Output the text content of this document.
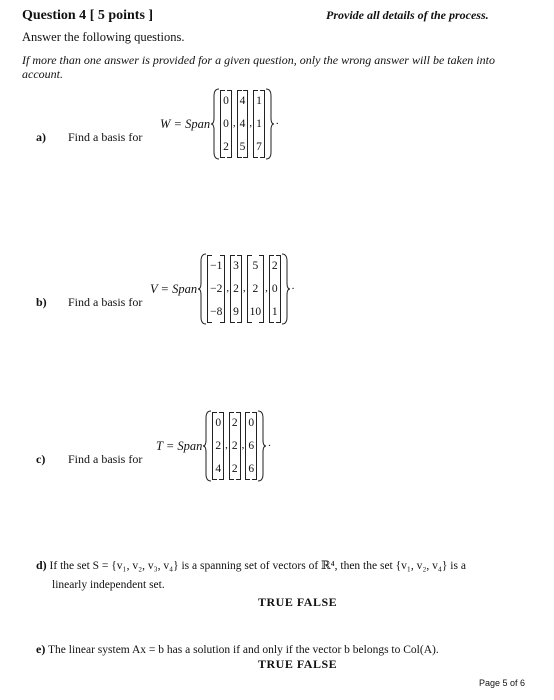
Question 4 [ 5 points ]	Provide all details of the process.
Answer the following questions.
If more than one answer is provided for a given question, only the wrong answer will be taken into account.
a) Find a basis for
W = Span
0
0
2
,
4
4
5
,
1
1
7
.
b) Find a basis for
V = Span
−1
−2
−8
,
3
2
9
,
5
2
10
,
2
0
1
.
c) Find a basis for
T = Span
0
2
4
,
2
2
2
,
0
6
6
.
d) If the set S = {v₁, v₂, v₃, v₄} is a spanning set of vectors of ℝ⁴, then the set {v₁, v₂, v₄} is a
linearly independent set.
TRUE FALSE
e) The linear system Ax = b has a solution if and only if the vector b belongs to Col(A).
TRUE FALSE
Page 5 of 6
